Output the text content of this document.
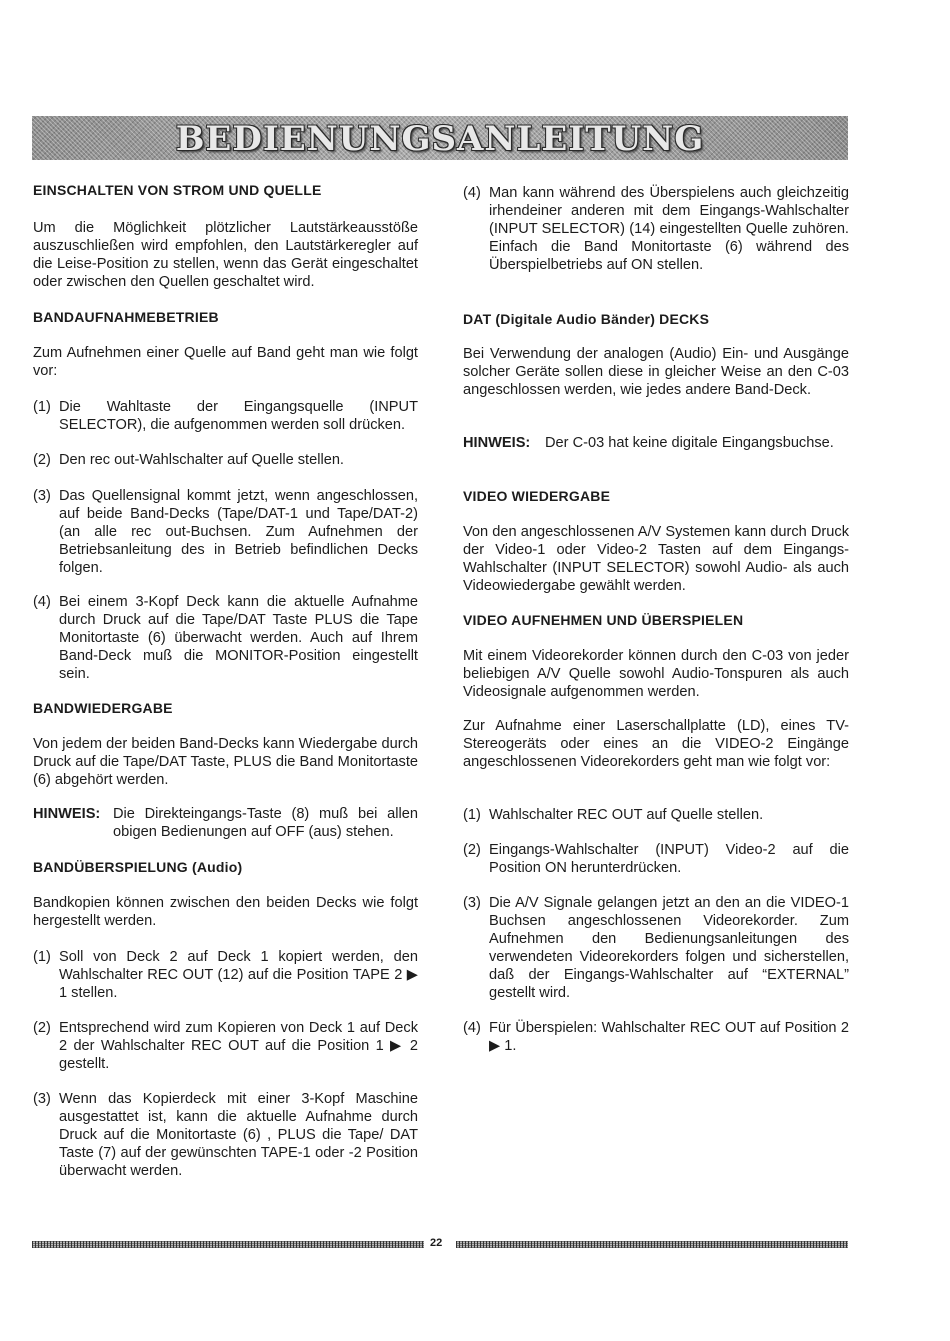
BEDIENUNGSANLEITUNG
EINSCHALTEN VON STROM UND QUELLE
Um die Möglichkeit plötzlicher Lautstärkeausstöße auszuschließen wird empfohlen, den Lautstärkeregler auf die Leise-Position zu stellen, wenn das Gerät eingeschaltet oder zwischen den Quellen geschaltet wird.
BANDAUFNAHMEBETRIEB
Zum Aufnehmen einer Quelle auf Band geht man wie folgt vor:
(1) Die Wahltaste der Eingangsquelle (INPUT SELECTOR), die aufgenommen werden soll drücken.
(2) Den rec out-Wahlschalter auf Quelle stellen.
(3) Das Quellensignal kommt jetzt, wenn angeschlossen, auf beide Band-Decks (Tape/DAT-1 und Tape/DAT-2) (an alle rec out-Buchsen. Zum Aufnehmen der Betriebsanleitung des in Betrieb befindlichen Decks folgen.
(4) Bei einem 3-Kopf Deck kann die aktuelle Aufnahme durch Druck auf die Tape/DAT Taste PLUS die Tape Monitortaste (6) überwacht werden. Auch auf Ihrem Band-Deck muß die MONITOR-Position eingestellt sein.
BANDWIEDERGABE
Von jedem der beiden Band-Decks kann Wiedergabe durch Druck auf die Tape/DAT Taste, PLUS die Band Monitortaste (6) abgehört werden.
HINWEIS: Die Direkteingangs-Taste (8) muß bei allen obigen Bedienungen auf OFF (aus) stehen.
BANDÜBERSPIELUNG (Audio)
Bandkopien können zwischen den beiden Decks wie folgt hergestellt werden.
(1) Soll von Deck 2 auf Deck 1 kopiert werden, den Wahlschalter REC OUT (12) auf die Position TAPE 2 ▶ 1 stellen.
(2) Entsprechend wird zum Kopieren von Deck 1 auf Deck 2 der Wahlschalter REC OUT auf die Position 1 ▶ 2 gestellt.
(3) Wenn das Kopierdeck mit einer 3-Kopf Maschine ausgestattet ist, kann die aktuelle Aufnahme durch Druck auf die Monitortaste (6) , PLUS die Tape/ DAT Taste (7) auf der gewünschten TAPE-1 oder -2 Position überwacht werden.
(4) Man kann während des Überspielens auch gleichzeitig irhendeiner anderen mit dem Eingangs-Wahlschalter (INPUT SELECTOR) (14) eingestellten Quelle zuhören. Einfach die Band Monitortaste (6) während des Überspielbetriebs auf ON stellen.
DAT (Digitale Audio Bänder) DECKS
Bei Verwendung der analogen (Audio) Ein- und Ausgänge solcher Geräte sollen diese in gleicher Weise an den C-03 angeschlossen werden, wie jedes andere Band-Deck.
HINWEIS: Der C-03 hat keine digitale Eingangsbuchse.
VIDEO WIEDERGABE
Von den angeschlossenen A/V Systemen kann durch Druck der Video-1 oder Video-2 Tasten auf dem Eingangs-Wahlschalter (INPUT SELECTOR) sowohl Audio- als auch Videowiedergabe gewählt werden.
VIDEO AUFNEHMEN UND ÜBERSPIELEN
Mit einem Videorekorder können durch den C-03 von jeder beliebigen A/V Quelle sowohl Audio-Tonspuren als auch Videosignale aufgenommen werden.
Zur Aufnahme einer Laserschallplatte (LD), eines TV-Stereogeräts oder eines an die VIDEO-2 Eingänge angeschlossenen Videorekorders geht man wie folgt vor:
(1) Wahlschalter REC OUT auf Quelle stellen.
(2) Eingangs-Wahlschalter (INPUT) Video-2 auf die Position ON herunterdrücken.
(3) Die A/V Signale gelangen jetzt an den an die VIDEO-1 Buchsen angeschlossenen Videorekorder. Zum Aufnehmen den Bedienungsanleitungen des verwendeten Videorekorders folgen und sicherstellen, daß der Eingangs-Wahlschalter auf “EXTERNAL” gestellt wird.
(4) Für Überspielen: Wahlschalter REC OUT auf Position 2 ▶ 1.
22
